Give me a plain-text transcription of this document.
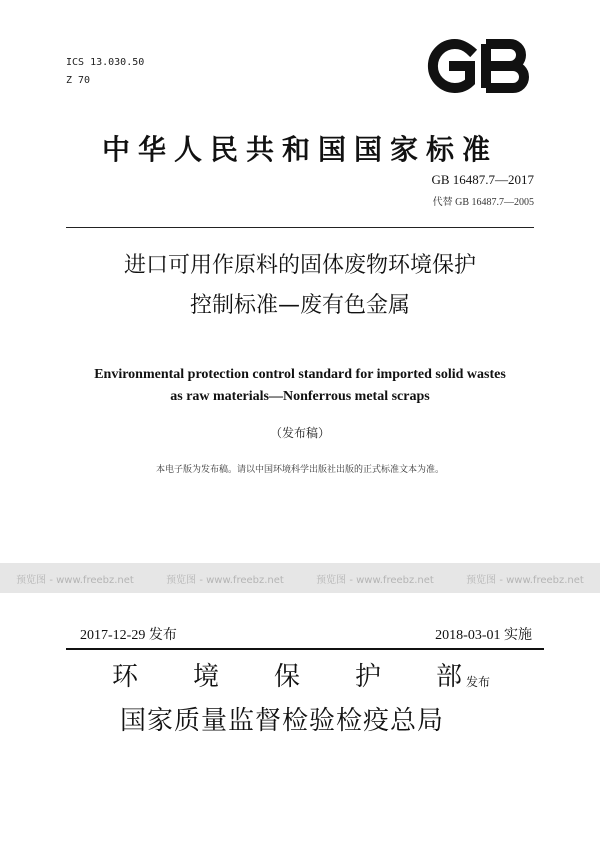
ICS 13.030.50
Z 70
中华人民共和国国家标准
GB 16487.7—2017
代替 GB 16487.7—2005
进口可用作原料的固体废物环境保护
控制标准—废有色金属
Environmental protection control standard for imported solid wastes
as raw materials—Nonferrous metal scraps
（发布稿）
本电子版为发布稿。请以中国环境科学出版社出版的正式标准文本为准。
预览图 - www.freebz.net	预览图 - www.freebz.net	预览图 - www.freebz.net	预览图 - www.freebz.net
2017-12-29 发布	2018-03-01 实施
环 境 保 护 部 发布
国家质量监督检验检疫总局
